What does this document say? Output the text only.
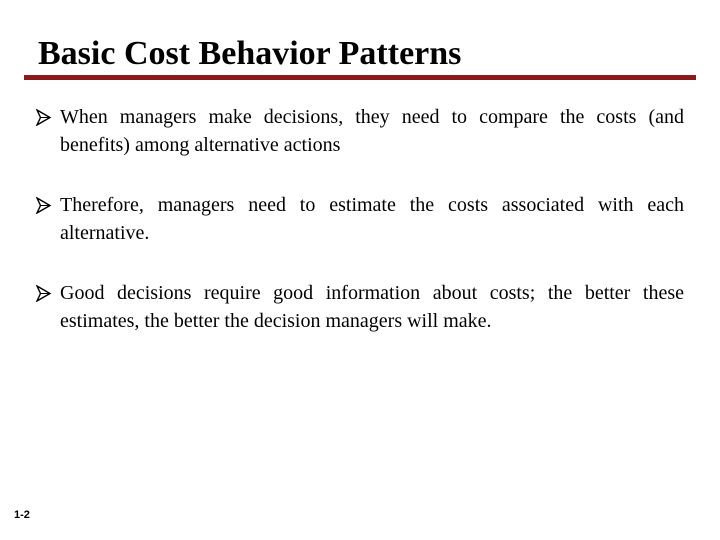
Basic Cost Behavior Patterns
When managers make decisions, they need to compare the costs (and benefits) among alternative actions
Therefore, managers need to estimate the costs associated with each alternative.
Good decisions require good information about costs; the better these estimates, the better the decision managers will make.
1-2
